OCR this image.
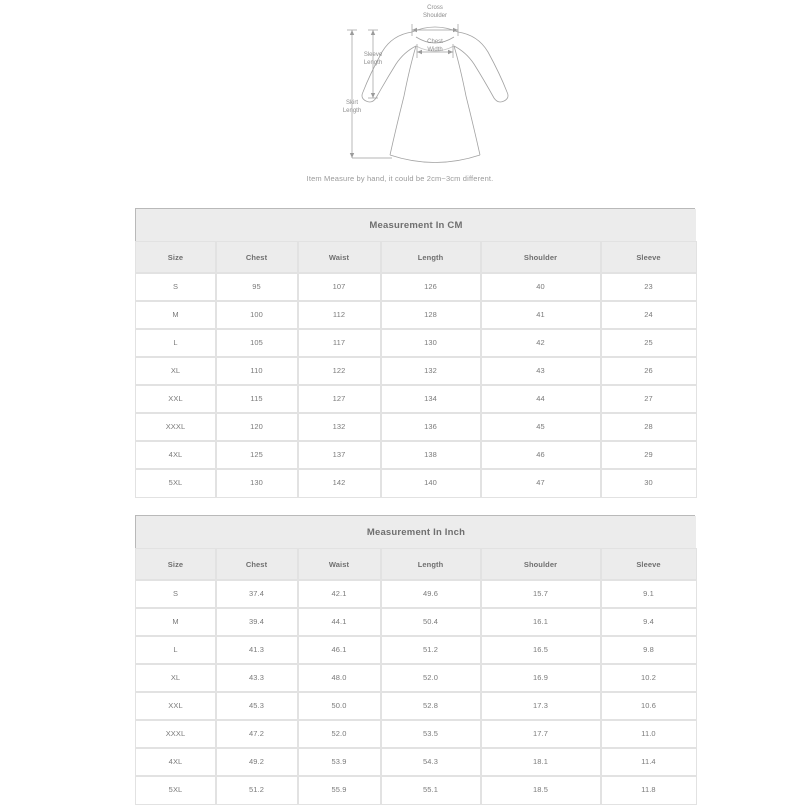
Cross
Shoulder
Chest
Width
Sleeve
Length
Skirt
Length
Item Measure by hand, it could be 2cm~3cm different.
Measurement In CM
Size	Chest	Waist	Length	Shoulder	Sleeve
S	95	107	126	40	23
M	100	112	128	41	24
L	105	117	130	42	25
XL	110	122	132	43	26
XXL	115	127	134	44	27
XXXL	120	132	136	45	28
4XL	125	137	138	46	29
5XL	130	142	140	47	30
Measurement In Inch
Size	Chest	Waist	Length	Shoulder	Sleeve
S	37.4	42.1	49.6	15.7	9.1
M	39.4	44.1	50.4	16.1	9.4
L	41.3	46.1	51.2	16.5	9.8
XL	43.3	48.0	52.0	16.9	10.2
XXL	45.3	50.0	52.8	17.3	10.6
XXXL	47.2	52.0	53.5	17.7	11.0
4XL	49.2	53.9	54.3	18.1	11.4
5XL	51.2	55.9	55.1	18.5	11.8
